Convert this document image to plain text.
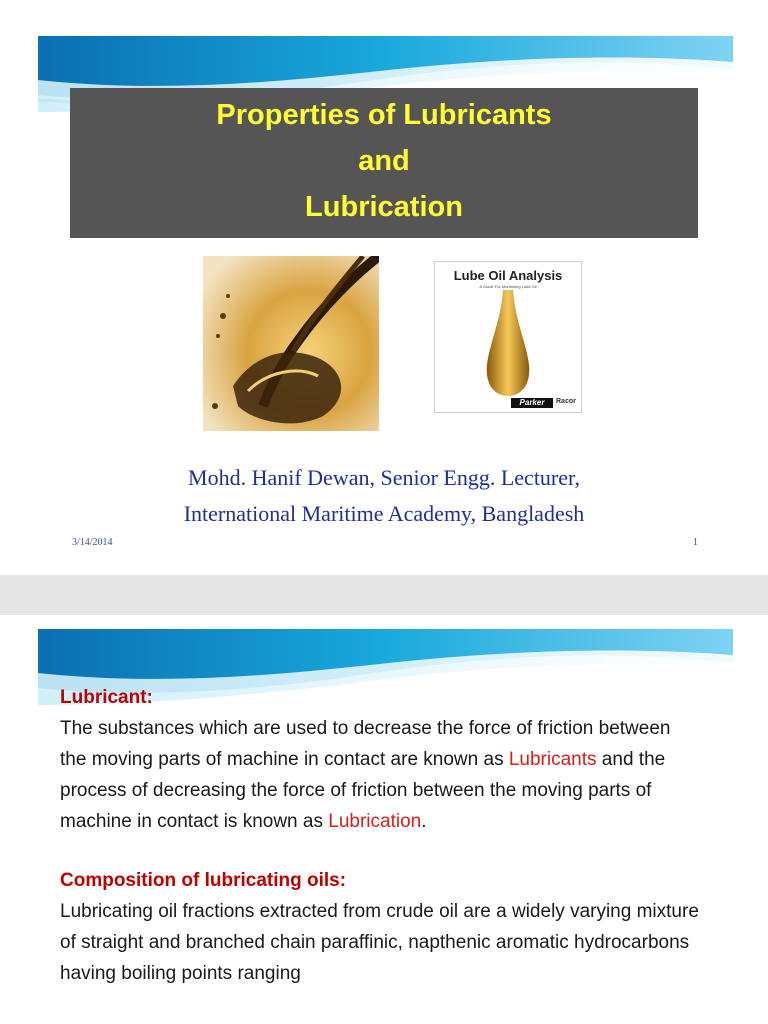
Properties of Lubricants
and
Lubrication
Lube Oil Analysis
A Guide For Monitoring Lube Oil
Parker	Racor
Mohd. Hanif Dewan, Senior Engg. Lecturer,
International Maritime Academy, Bangladesh
3/14/2014	1
Lubricant:
The substances which are used to decrease the force of friction between the moving parts of machine in contact are known as Lubricants and the process of decreasing the force of friction between the moving parts of machine in contact is known as Lubrication.
Composition of lubricating oils:
Lubricating oil fractions extracted from crude oil are a widely varying mixture of straight and branched chain paraffinic, napthenic aromatic hydrocarbons having boiling points ranging
